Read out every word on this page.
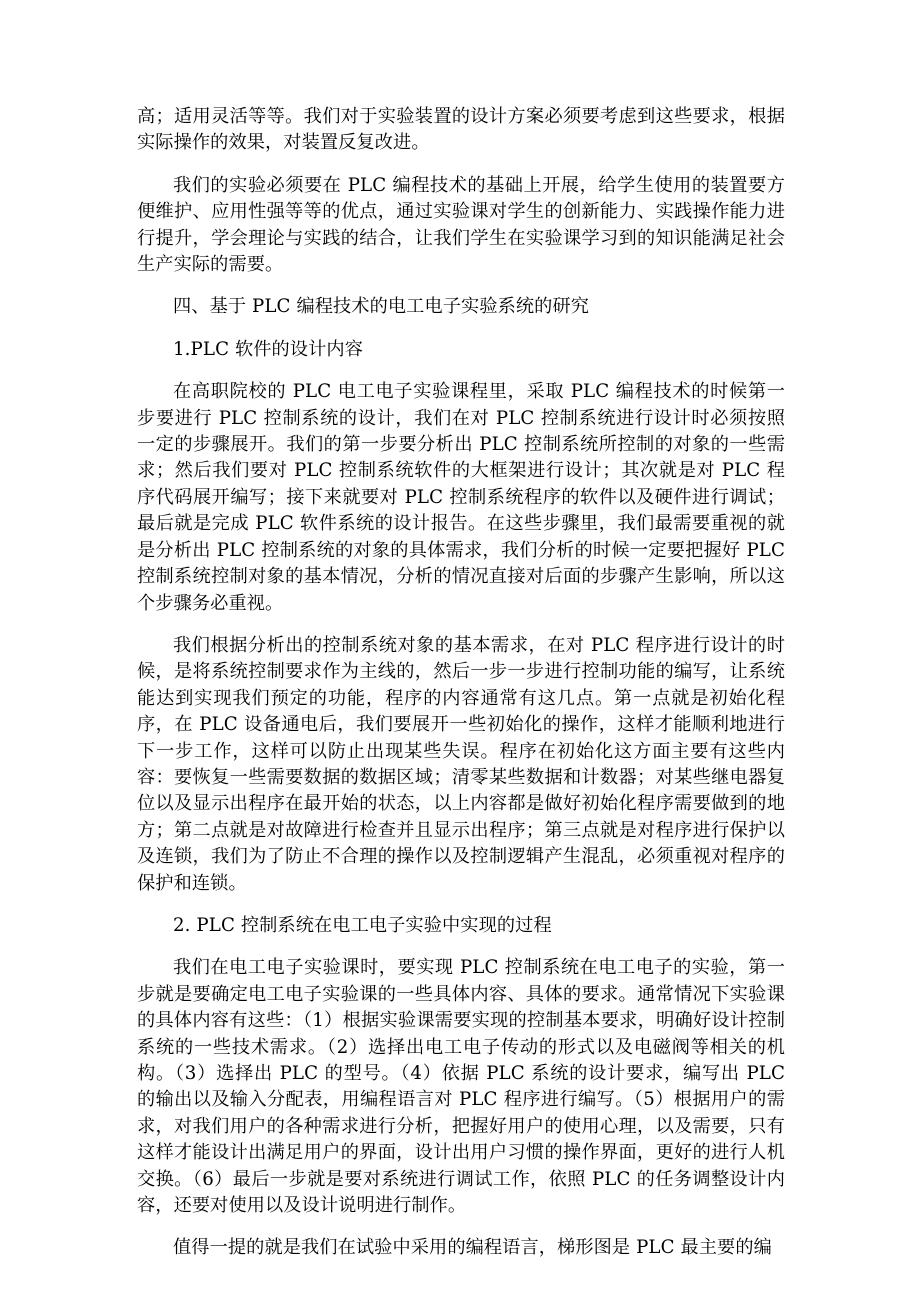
高；适用灵活等等。我们对于实验装置的设计方案必须要考虑到这些要求，根据实际操作的效果，对装置反复改进。

我们的实验必须要在 PLC 编程技术的基础上开展，给学生使用的装置要方便维护、应用性强等等的优点，通过实验课对学生的创新能力、实践操作能力进行提升，学会理论与实践的结合，让我们学生在实验课学习到的知识能满足社会生产实际的需要。

四、基于 PLC 编程技术的电工电子实验系统的研究

1.PLC 软件的设计内容

在高职院校的 PLC 电工电子实验课程里，采取 PLC 编程技术的时候第一步要进行 PLC 控制系统的设计，我们在对 PLC 控制系统进行设计时必须按照一定的步骤展开。我们的第一步要分析出 PLC 控制系统所控制的对象的一些需求；然后我们要对 PLC 控制系统软件的大框架进行设计；其次就是对 PLC 程序代码展开编写；接下来就要对 PLC 控制系统程序的软件以及硬件进行调试；最后就是完成 PLC 软件系统的设计报告。在这些步骤里，我们最需要重视的就是分析出 PLC 控制系统的对象的具体需求，我们分析的时候一定要把握好 PLC 控制系统控制对象的基本情况，分析的情况直接对后面的步骤产生影响，所以这个步骤务必重视。

我们根据分析出的控制系统对象的基本需求，在对 PLC 程序进行设计的时候，是将系统控制要求作为主线的，然后一步一步进行控制功能的编写，让系统能达到实现我们预定的功能，程序的内容通常有这几点。第一点就是初始化程序，在 PLC 设备通电后，我们要展开一些初始化的操作，这样才能顺利地进行下一步工作，这样可以防止出现某些失误。程序在初始化这方面主要有这些内容：要恢复一些需要数据的数据区域；清零某些数据和计数器；对某些继电器复位以及显示出程序在最开始的状态，以上内容都是做好初始化程序需要做到的地方；第二点就是对故障进行检查并且显示出程序；第三点就是对程序进行保护以及连锁，我们为了防止不合理的操作以及控制逻辑产生混乱，必须重视对程序的保护和连锁。

2. PLC 控制系统在电工电子实验中实现的过程

我们在电工电子实验课时，要实现 PLC 控制系统在电工电子的实验，第一步就是要确定电工电子实验课的一些具体内容、具体的要求。通常情况下实验课的具体内容有这些：（1）根据实验课需要实现的控制基本要求，明确好设计控制系统的一些技术需求。（2）选择出电工电子传动的形式以及电磁阀等相关的机构。（3）选择出 PLC 的型号。（4）依据 PLC 系统的设计要求，编写出 PLC 的输出以及输入分配表，用编程语言对 PLC 程序进行编写。（5）根据用户的需求，对我们用户的各种需求进行分析，把握好用户的使用心理，以及需要，只有这样才能设计出满足用户的界面，设计出用户习惯的操作界面，更好的进行人机交换。（6）最后一步就是要对系统进行调试工作，依照 PLC 的任务调整设计内容，还要对使用以及设计说明进行制作。

值得一提的就是我们在试验中采用的编程语言，梯形图是 PLC 最主要的编
